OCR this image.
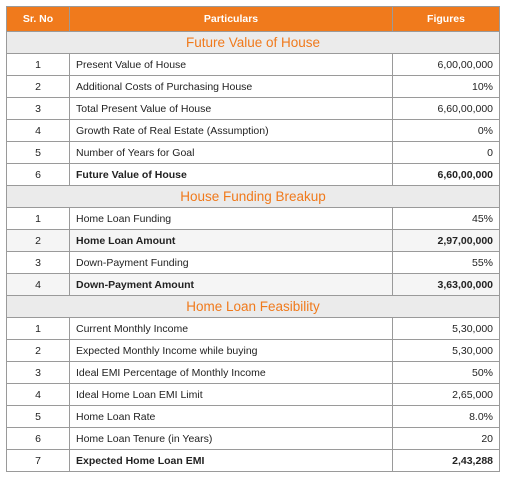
Sr. No	Particulars	Figures
Future Value of House		
1	Present Value of House	6,00,00,000
2	Additional Costs of Purchasing House	10%
3	Total Present Value of House	6,60,00,000
4	Growth Rate of Real Estate (Assumption)	0%
5	Number of Years for Goal	0
6	Future Value of House	6,60,00,000
House Funding Breakup		
1	Home Loan Funding	45%
2	Home Loan Amount	2,97,00,000
3	Down-Payment Funding	55%
4	Down-Payment Amount	3,63,00,000
Home Loan Feasibility		
1	Current Monthly Income	5,30,000
2	Expected Monthly Income while buying	5,30,000
3	Ideal EMI Percentage of Monthly Income	50%
4	Ideal Home Loan EMI Limit	2,65,000
5	Home Loan Rate	8.0%
6	Home Loan Tenure (in Years)	20
7	Expected Home Loan EMI	2,43,288
